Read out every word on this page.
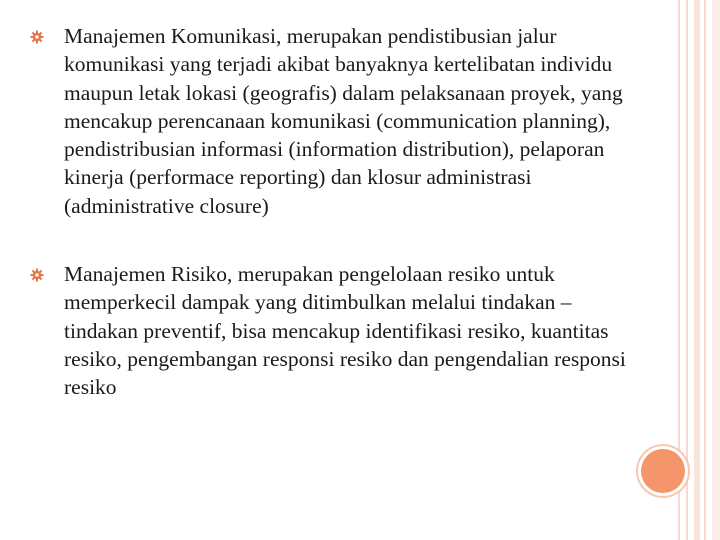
Manajemen Komunikasi, merupakan pendistibusian jalur komunikasi yang terjadi akibat banyaknya kertelibatan individu maupun letak lokasi (geografis) dalam pelaksanaan proyek, yang mencakup perencanaan komunikasi (communication planning), pendistribusian informasi (information distribution), pelaporan kinerja (performace reporting) dan klosur administrasi (administrative closure)

Manajemen Risiko, merupakan pengelolaan resiko untuk memperkecil dampak yang ditimbulkan melalui tindakan – tindakan preventif, bisa mencakup identifikasi resiko, kuantitas resiko, pengembangan responsi resiko dan pengendalian responsi resiko
